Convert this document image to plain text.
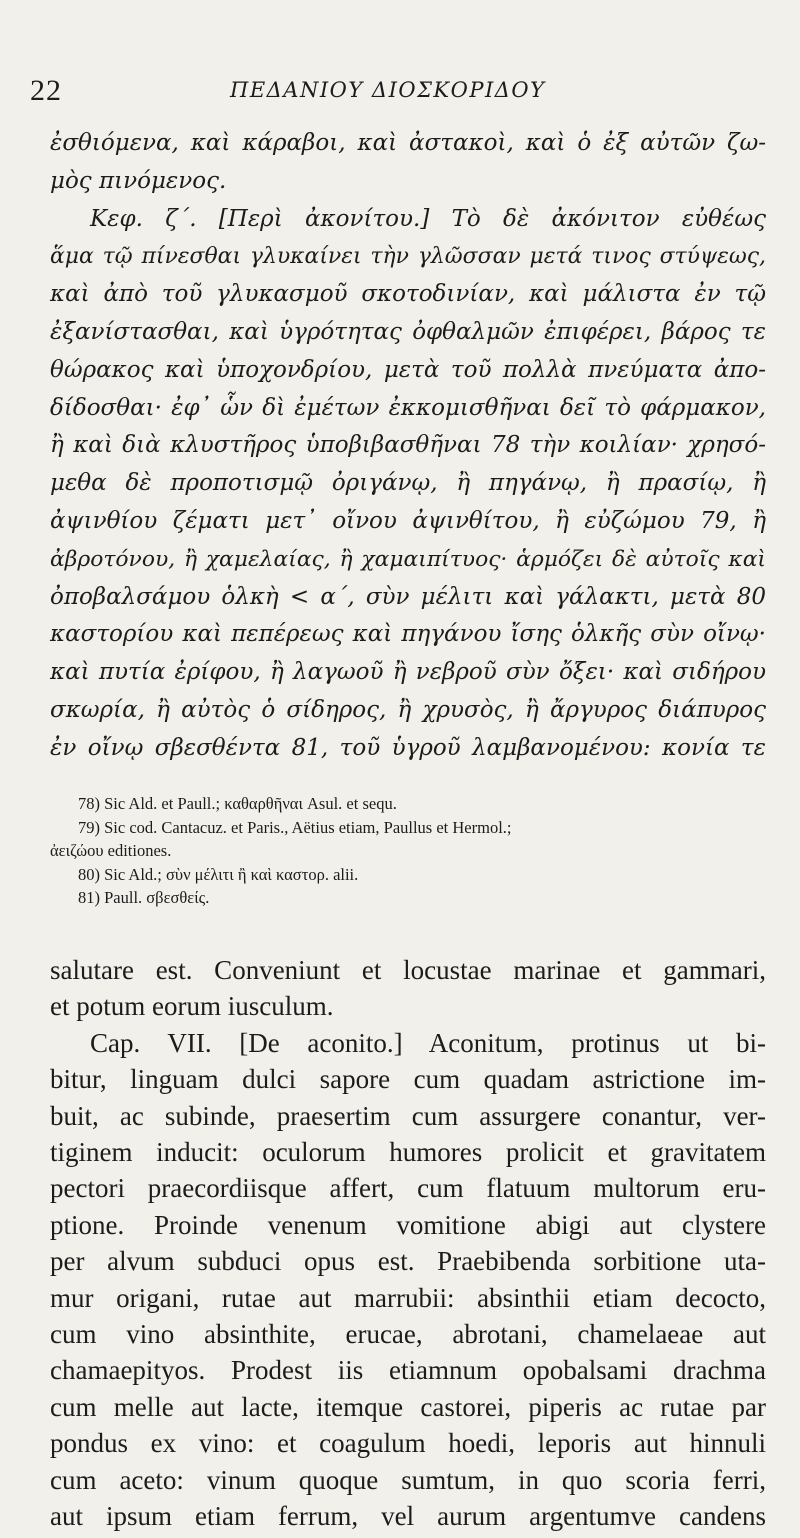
22	ΠΕΔΑΝΙΟΥ ΔΙΟΣΚΟΡΙΔΟΥ
ἐσθιόμενα, καὶ κάραβοι, καὶ ἀστακοὶ, καὶ ὁ ἐξ αὐτῶν ζω-
μὸς πινόμενος.
Κεφ. ζ΄. [Περὶ ἀκονίτου.] Τὸ δὲ ἀκόνιτον εὐθέως
ἅμα τῷ πίνεσθαι γλυκαίνει τὴν γλῶσσαν μετά τινος στύψεως,
καὶ ἀπὸ τοῦ γλυκασμοῦ σκοτοδινίαν, καὶ μάλιστα ἐν τῷ
ἐξανίστασθαι, καὶ ὑγρότητας ὀφθαλμῶν ἐπιφέρει, βάρος τε
θώρακος καὶ ὑποχονδρίου, μετὰ τοῦ πολλὰ πνεύματα ἀπο-
δίδοσθαι· ἐφ᾽ ὧν δὶ ἐμέτων ἐκκομισθῆναι δεῖ τὸ φάρμακον,
ἢ καὶ διὰ κλυστῆρος ὑποβιβασθῆναι 78 τὴν κοιλίαν· χρησό-
μεθα δὲ προποτισμῷ ὀριγάνῳ, ἢ πηγάνῳ, ἢ πρασίῳ, ἢ
ἀψινθίου ζέματι μετ᾽ οἴνου ἀψινθίτου, ἢ εὐζώμου 79, ἢ
ἀβροτόνου, ἢ χαμελαίας, ἢ χαμαιπίτυος· ἁρμόζει δὲ αὐτοῖς καὶ
ὀποβαλσάμου ὁλκὴ < α΄, σὺν μέλιτι καὶ γάλακτι, μετὰ 80
καστορίου καὶ πεπέρεως καὶ πηγάνου ἴσης ὁλκῆς σὺν οἴνῳ·
καὶ πυτία ἐρίφου, ἢ λαγωοῦ ἢ νεβροῦ σὺν ὄξει· καὶ σιδήρου
σκωρία, ἢ αὐτὸς ὁ σίδηρος, ἢ χρυσὸς, ἢ ἄργυρος διάπυρος
ἐν οἴνῳ σβεσθέντα 81, τοῦ ὑγροῦ λαμβανομένου: κονία τε
78) Sic Ald. et Paull.; καθαρθῆναι Asul. et sequ.
79) Sic cod. Cantacuz. et Paris., Aëtius etiam, Paullus et Hermol.;
ἀειζώου editiones.
80) Sic Ald.; σὺν μέλιτι ἢ καὶ καστορ. alii.
81) Paull. σβεσθείς.
salutare est. Conveniunt et locustae marinae et gammari,
et potum eorum iusculum.
Cap. VII. [De aconito.] Aconitum, protinus ut bi-
bitur, linguam dulci sapore cum quadam astrictione im-
buit, ac subinde, praesertim cum assurgere conantur, ver-
tiginem inducit: oculorum humores prolicit et gravitatem
pectori praecordiisque affert, cum flatuum multorum eru-
ptione. Proinde venenum vomitione abigi aut clystere
per alvum subduci opus est. Praebibenda sorbitione uta-
mur origani, rutae aut marrubii: absinthii etiam decocto,
cum vino absinthite, erucae, abrotani, chamelaeae aut
chamaepityos. Prodest iis etiamnum opobalsami drachma
cum melle aut lacte, itemque castorei, piperis ac rutae par
pondus ex vino: et coagulum hoedi, leporis aut hinnuli
cum aceto: vinum quoque sumtum, in quo scoria ferri,
aut ipsum etiam ferrum, vel aurum argentumve candens
